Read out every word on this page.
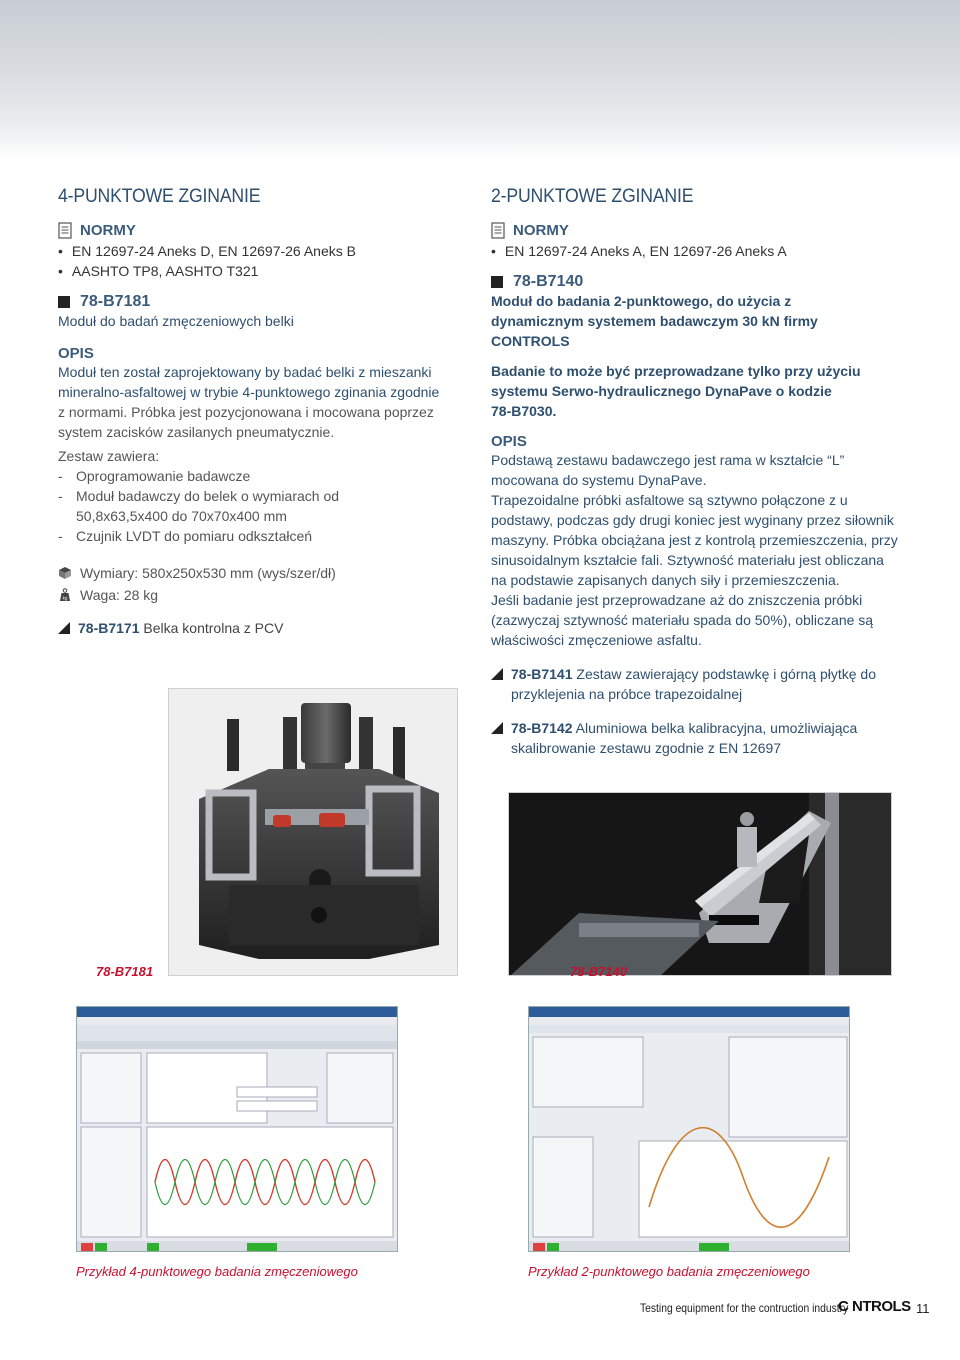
4-PUNKTOWE ZGINANIE
NORMY
• EN 12697-24 Aneks D, EN 12697-26 Aneks B
• AASHTO TP8, AASHTO T321
78-B7181
Moduł do badań zmęczeniowych belki
OPIS
Moduł ten został zaprojektowany by badać belki z mieszanki
mineralno-asfaltowej w trybie 4-punktowego zginania zgodnie
z normami. Próbka jest pozycjonowana i mocowana poprzez
system zacisków zasilanych pneumatycznie.
Zestaw zawiera:
- Oprogramowanie badawcze
- Moduł badawczy do belek o wymiarach od
50,8x63,5x400 do 70x70x400 mm
- Czujnik LVDT do pomiaru odkształceń
Wymiary: 580x250x530 mm (wys/szer/dł)
kg Waga: 28 kg
78-B7171 Belka kontrolna z PCV
2-PUNKTOWE ZGINANIE
NORMY
• EN 12697-24 Aneks A, EN 12697-26 Aneks A
78-B7140
Moduł do badania 2-punktowego, do użycia z
dynamicznym systemem badawczym 30 kN firmy
CONTROLS
Badanie to może być przeprowadzane tylko przy użyciu
systemu Serwo-hydraulicznego DynaPave o kodzie
78-B7030.
OPIS
Podstawą zestawu badawczego jest rama w kształcie “L”
mocowana do systemu DynaPave.
Trapezoidalne próbki asfaltowe są sztywno połączone z u
podstawy, podczas gdy drugi koniec jest wyginany przez siłownik
maszyny. Próbka obciążana jest z kontrolą przemieszczenia, przy
sinusoidalnym kształcie fali. Sztywność materiału jest obliczana
na podstawie zapisanych danych siły i przemieszczenia.
Jeśli badanie jest przeprowadzane aż do zniszczenia próbki
(zazwyczaj sztywność materiału spada do 50%), obliczane są
właściwości zmęczeniowe asfaltu.
78-B7141 Zestaw zawierający podstawkę i górną płytkę do
przyklejenia na próbce trapezoidalnej
78-B7142 Aluminiowa belka kalibracyjna, umożliwiająca
skalibrowanie zestawu zgodnie z EN 12697
78-B7181	78-B7140
Przykład 4-punktowego badania zmęczeniowego	Przykład 2-punktowego badania zmęczeniowego
Testing equipment for the contruction industry
C NTROLS 11
